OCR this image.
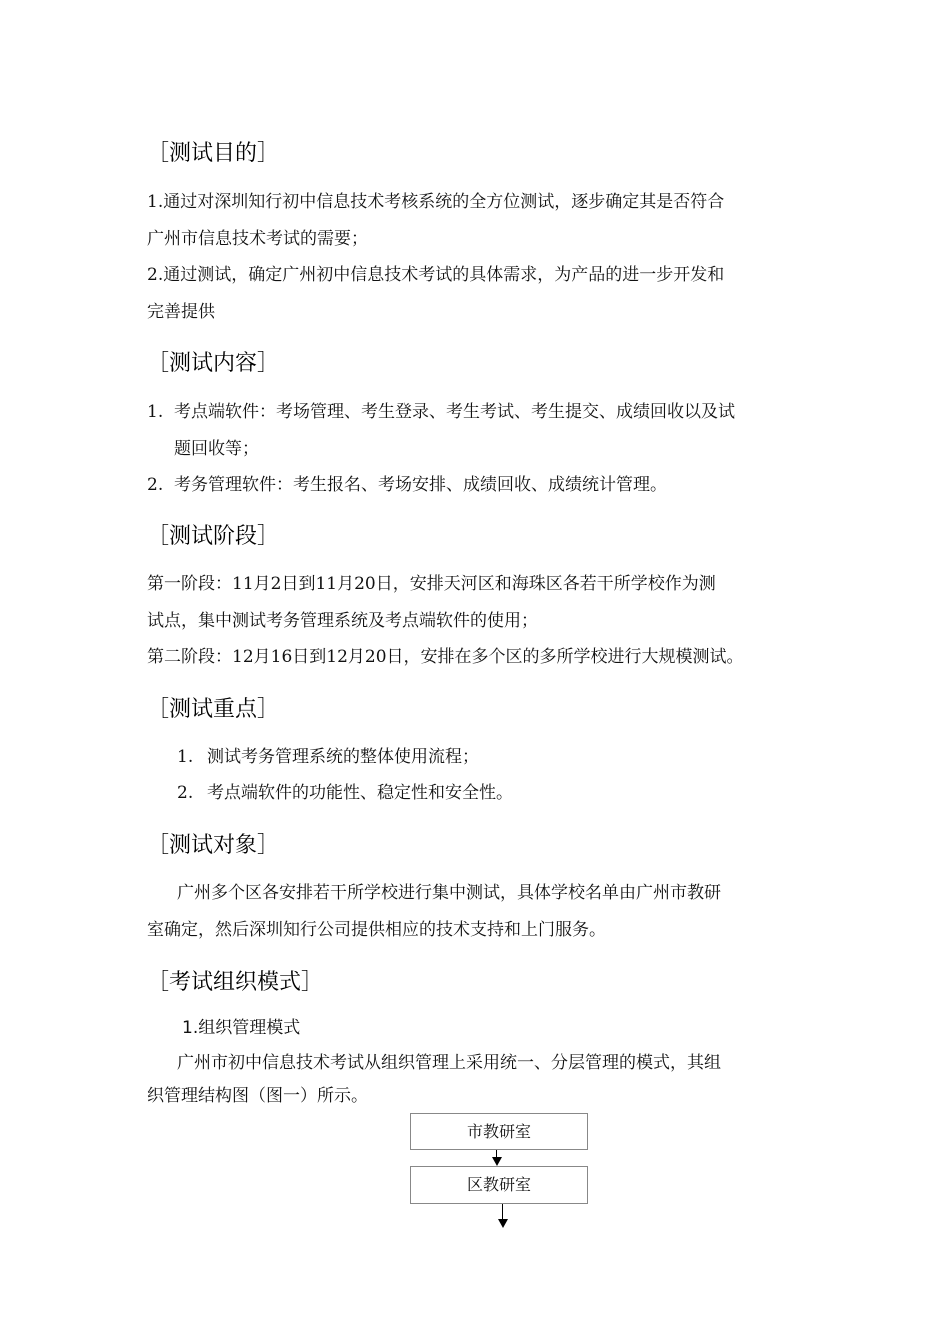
［测试目的］
1.通过对深圳知行初中信息技术考核系统的全方位测试，逐步确定其是否符合
广州市信息技术考试的需要；
2.通过测试，确定广州初中信息技术考试的具体需求，为产品的进一步开发和
完善提供
［测试内容］
1. 考点端软件：考场管理、考生登录、考生考试、考生提交、成绩回收以及试
题回收等；
2. 考务管理软件：考生报名、考场安排、成绩回收、成绩统计管理。
［测试阶段］
第一阶段：11月2日到11月20日，安排天河区和海珠区各若干所学校作为测
试点，集中测试考务管理系统及考点端软件的使用；
第二阶段：12月16日到12月20日，安排在多个区的多所学校进行大规模测试。
［测试重点］
1. 测试考务管理系统的整体使用流程；
2. 考点端软件的功能性、稳定性和安全性。
［测试对象］
广州多个区各安排若干所学校进行集中测试，具体学校名单由广州市教研
室确定，然后深圳知行公司提供相应的技术支持和上门服务。
［考试组织模式］
1.组织管理模式
广州市初中信息技术考试从组织管理上采用统一、分层管理的模式，其组
织管理结构图（图一）所示。
市教研室
区教研室
